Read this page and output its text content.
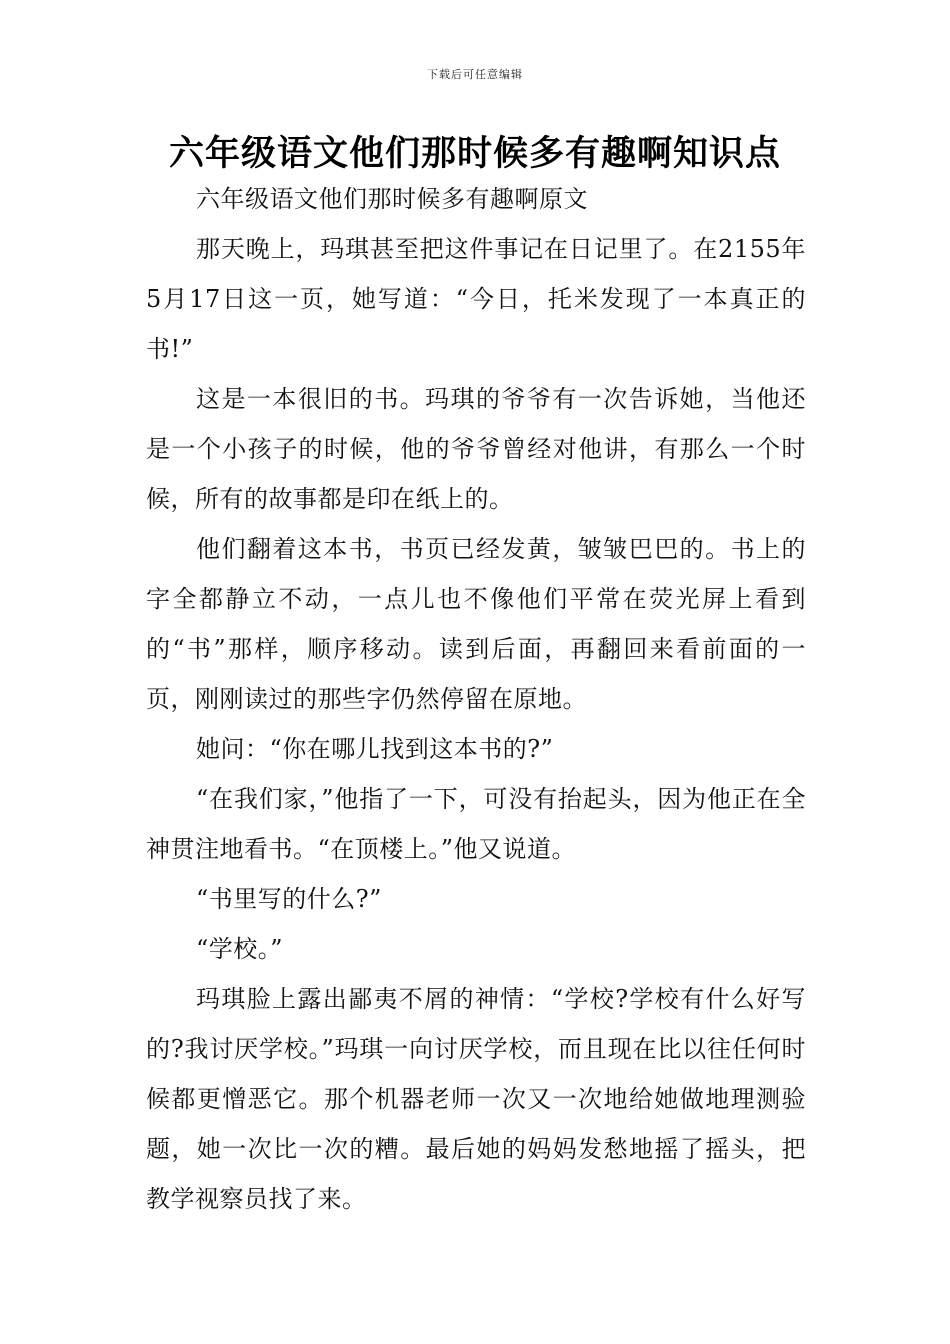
下载后可任意编辑
六年级语文他们那时候多有趣啊知识点

六年级语文他们那时候多有趣啊原文

那天晚上，玛琪甚至把这件事记在日记里了。在2155年5月17日这一页，她写道：“今日，托米发现了一本真正的书!”

这是一本很旧的书。玛琪的爷爷有一次告诉她，当他还是一个小孩子的时候，他的爷爷曾经对他讲，有那么一个时候，所有的故事都是印在纸上的。

他们翻着这本书，书页已经发黄，皱皱巴巴的。书上的字全都静立不动，一点儿也不像他们平常在荧光屏上看到的“书”那样，顺序移动。读到后面，再翻回来看前面的一页，刚刚读过的那些字仍然停留在原地。

她问：“你在哪儿找到这本书的?”

“在我们家，”他指了一下，可没有抬起头，因为他正在全神贯注地看书。“在顶楼上。”他又说道。

“书里写的什么?”

“学校。”

玛琪脸上露出鄙夷不屑的神情：“学校?学校有什么好写的?我讨厌学校。”玛琪一向讨厌学校，而且现在比以往任何时候都更憎恶它。那个机器老师一次又一次地给她做地理测验题，她一次比一次的糟。最后她的妈妈发愁地摇了摇头，把教学视察员找了来。
